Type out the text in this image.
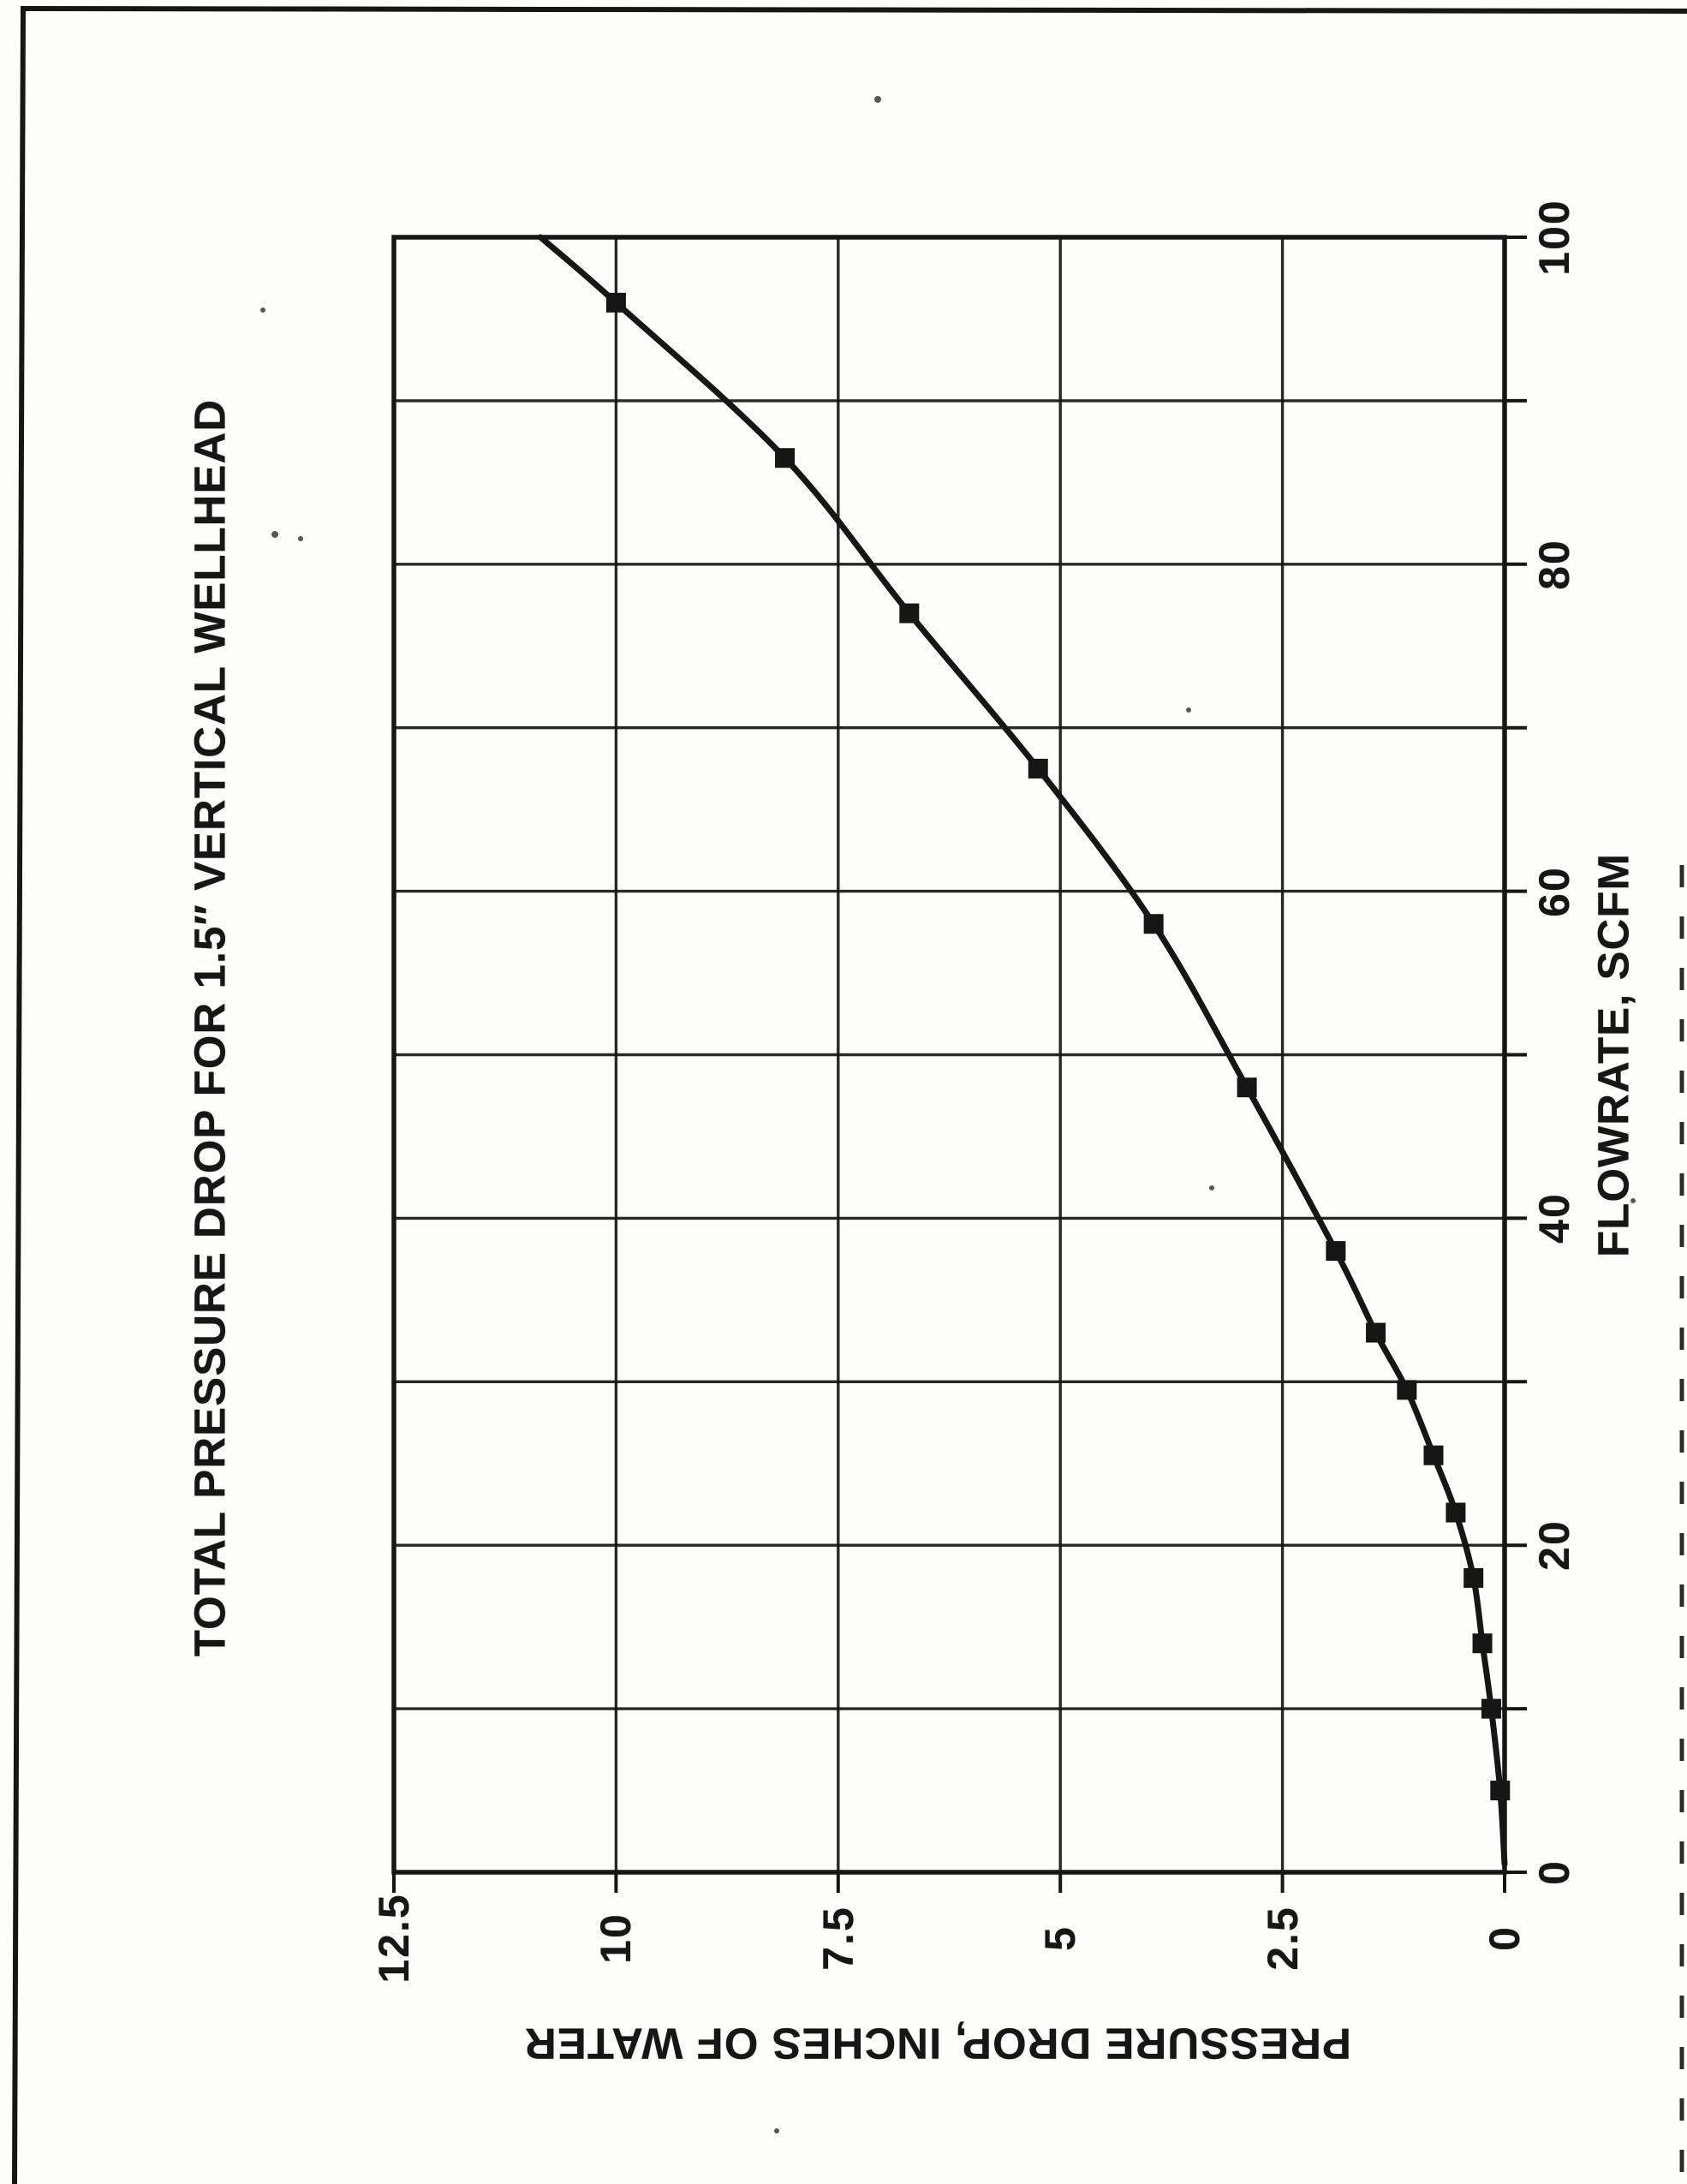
TOTAL PRESSURE DROP FOR 1.5″ VERTICAL WELLHEAD	FLOWRATE, SCFM
PRESSURE DROP, INCHES OF WATER
0
20
40
60
80
100
0
2.5
5
7.5
10
12.5
